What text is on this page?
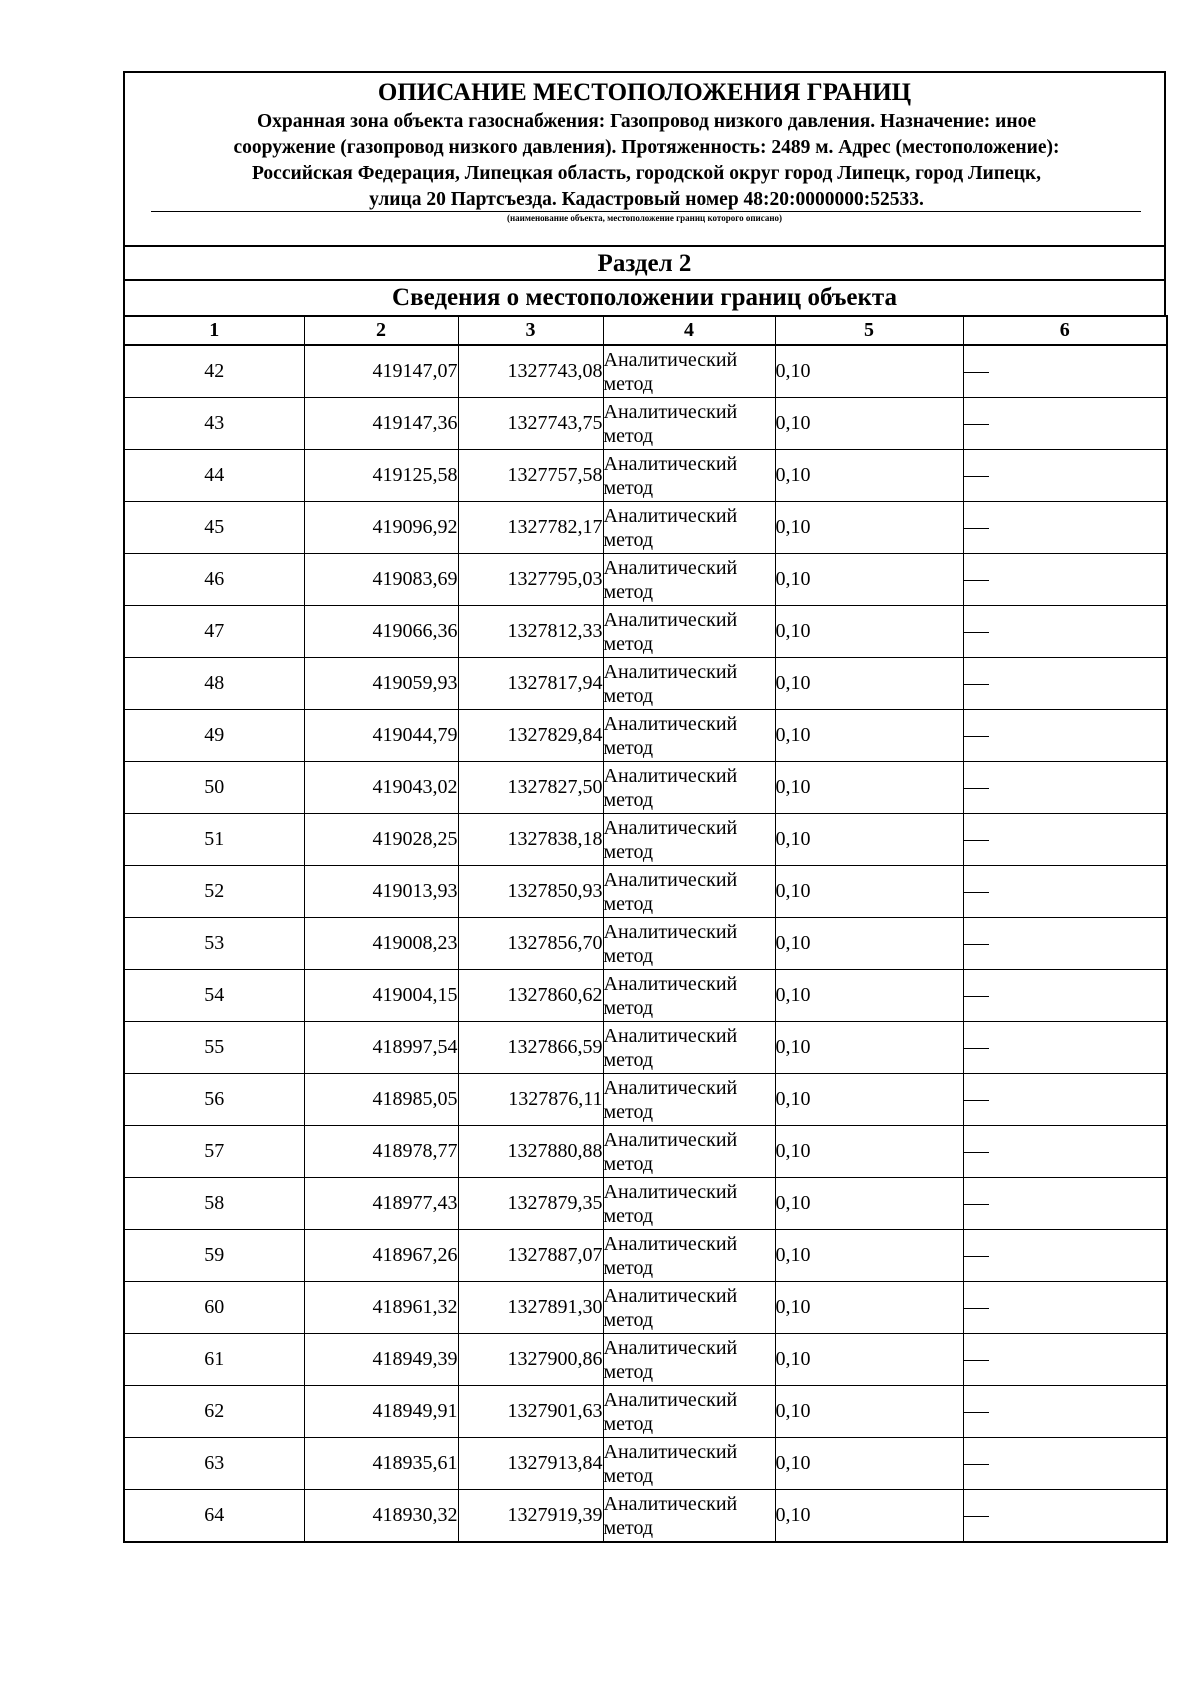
ОПИСАНИЕ МЕСТОПОЛОЖЕНИЯ ГРАНИЦ
Охранная зона объекта газоснабжения: Газопровод низкого давления. Назначение: иное
сооружение (газопровод низкого давления). Протяженность: 2489 м. Адрес (местоположение):
Российская Федерация, Липецкая область, городской округ город Липецк, город Липецк,
улица 20 Партсъезда. Кадастровый номер 48:20:0000000:52533.
(наименование объекта, местоположение границ которого описано)
Раздел 2
Сведения о местоположении границ объекта
1	2	3	4	5	6
42	419147,07	1327743,08	Аналитический метод	0,10	
43	419147,36	1327743,75	Аналитический метод	0,10	
44	419125,58	1327757,58	Аналитический метод	0,10	
45	419096,92	1327782,17	Аналитический метод	0,10	
46	419083,69	1327795,03	Аналитический метод	0,10	
47	419066,36	1327812,33	Аналитический метод	0,10	
48	419059,93	1327817,94	Аналитический метод	0,10	
49	419044,79	1327829,84	Аналитический метод	0,10	
50	419043,02	1327827,50	Аналитический метод	0,10	
51	419028,25	1327838,18	Аналитический метод	0,10	
52	419013,93	1327850,93	Аналитический метод	0,10	
53	419008,23	1327856,70	Аналитический метод	0,10	
54	419004,15	1327860,62	Аналитический метод	0,10	
55	418997,54	1327866,59	Аналитический метод	0,10	
56	418985,05	1327876,11	Аналитический метод	0,10	
57	418978,77	1327880,88	Аналитический метод	0,10	
58	418977,43	1327879,35	Аналитический метод	0,10	
59	418967,26	1327887,07	Аналитический метод	0,10	
60	418961,32	1327891,30	Аналитический метод	0,10	
61	418949,39	1327900,86	Аналитический метод	0,10	
62	418949,91	1327901,63	Аналитический метод	0,10	
63	418935,61	1327913,84	Аналитический метод	0,10	
64	418930,32	1327919,39	Аналитический метод	0,10	
